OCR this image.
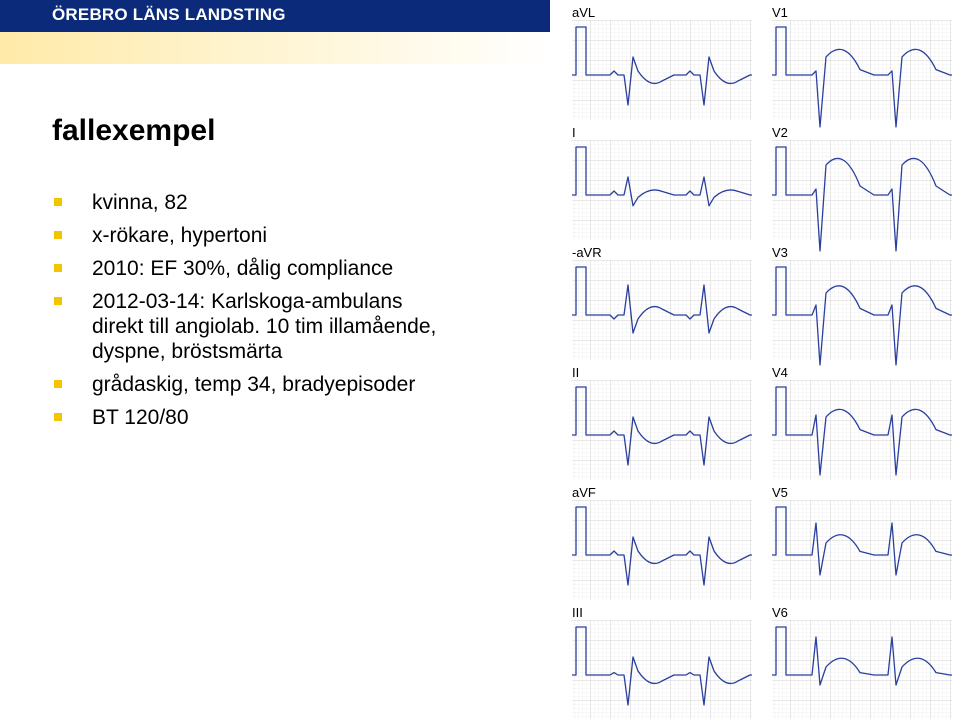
ÖREBRO LÄNS LANDSTING
fallexempel
kvinna, 82
x-rökare, hypertoni
2010: EF 30%, dålig compliance
2012-03-14: Karlskoga-ambulans
direkt till angiolab. 10 tim illamående,
dyspne, bröstsmärta
grådaskig, temp 34, bradyepisoder
BT 120/80
aVL
I
-aVR
II
aVF
III
V1
V2
V3
V4
V5
V6
